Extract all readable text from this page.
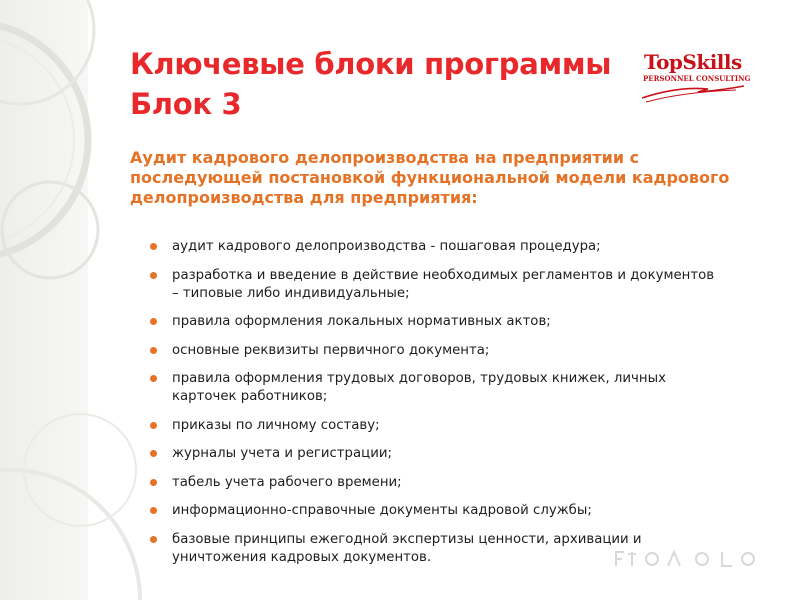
Ключевые блоки программы
Блок 3
TopSkills
PERSONNEL CONSULTING

Аудит кадрового делопроизводства на предприятии с последующей постановкой функциональной модели кадрового делопроизводства для предприятия:

аудит кадрового делопроизводства - пошаговая процедура;
разработка и введение в действие необходимых регламентов и документов – типовые либо индивидуальные;
правила оформления локальных нормативных актов;
основные реквизиты первичного документа;
правила оформления трудовых договоров, трудовых книжек, личных карточек работников;
приказы по личному составу;
журналы учета и регистрации;
табель учета рабочего времени;
информационно-справочные документы кадровой службы;
базовые принципы ежегодной экспертизы ценности, архивации и уничтожения кадровых документов.
